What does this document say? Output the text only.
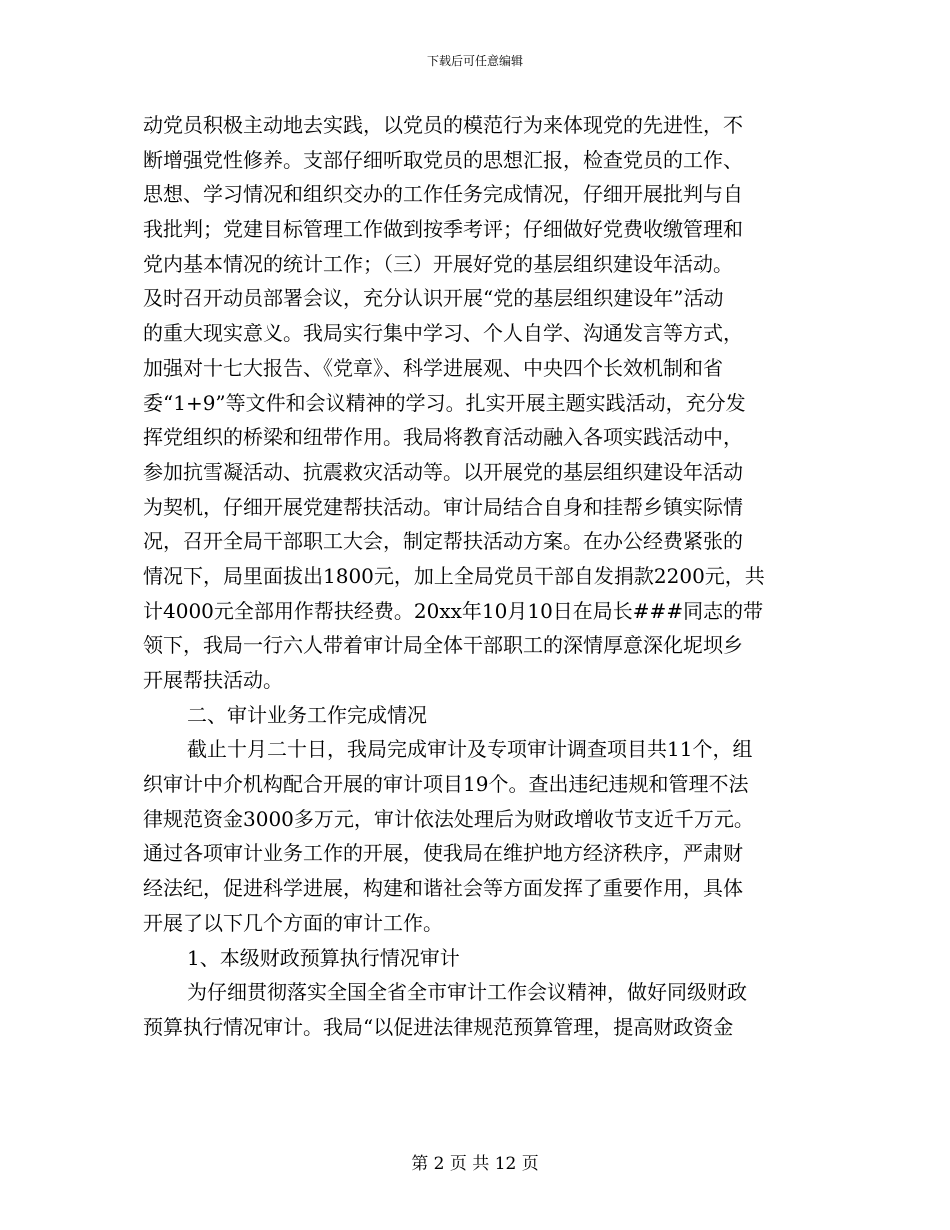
下载后可任意编辑
动党员积极主动地去实践，以党员的模范行为来体现党的先进性，不
断增强党性修养。支部仔细听取党员的思想汇报，检查党员的工作、
思想、学习情况和组织交办的工作任务完成情况，仔细开展批判与自
我批判；党建目标管理工作做到按季考评；仔细做好党费收缴管理和
党内基本情况的统计工作；（三）开展好党的基层组织建设年活动。
及时召开动员部署会议，充分认识开展“党的基层组织建设年”活动
的重大现实意义。我局实行集中学习、个人自学、沟通发言等方式，
加强对十七大报告、《党章》、科学进展观、中央四个长效机制和省
委“1+9”等文件和会议精神的学习。扎实开展主题实践活动，充分发
挥党组织的桥梁和纽带作用。我局将教育活动融入各项实践活动中，
参加抗雪凝活动、抗震救灾活动等。以开展党的基层组织建设年活动
为契机，仔细开展党建帮扶活动。审计局结合自身和挂帮乡镇实际情
况，召开全局干部职工大会，制定帮扶活动方案。在办公经费紧张的
情况下，局里面拔出1800元，加上全局党员干部自发捐款2200元，共
计4000元全部用作帮扶经费。20xx年10月10日在局长###同志的带
领下，我局一行六人带着审计局全体干部职工的深情厚意深化坭坝乡
开展帮扶活动。
二、审计业务工作完成情况
截止十月二十日，我局完成审计及专项审计调查项目共11个，组
织审计中介机构配合开展的审计项目19个。查出违纪违规和管理不法
律规范资金3000多万元，审计依法处理后为财政增收节支近千万元。
通过各项审计业务工作的开展，使我局在维护地方经济秩序，严肃财
经法纪，促进科学进展，构建和谐社会等方面发挥了重要作用，具体
开展了以下几个方面的审计工作。
1、本级财政预算执行情况审计
为仔细贯彻落实全国全省全市审计工作会议精神，做好同级财政
预算执行情况审计。我局“以促进法律规范预算管理，提高财政资金
第 2 页 共 12 页
